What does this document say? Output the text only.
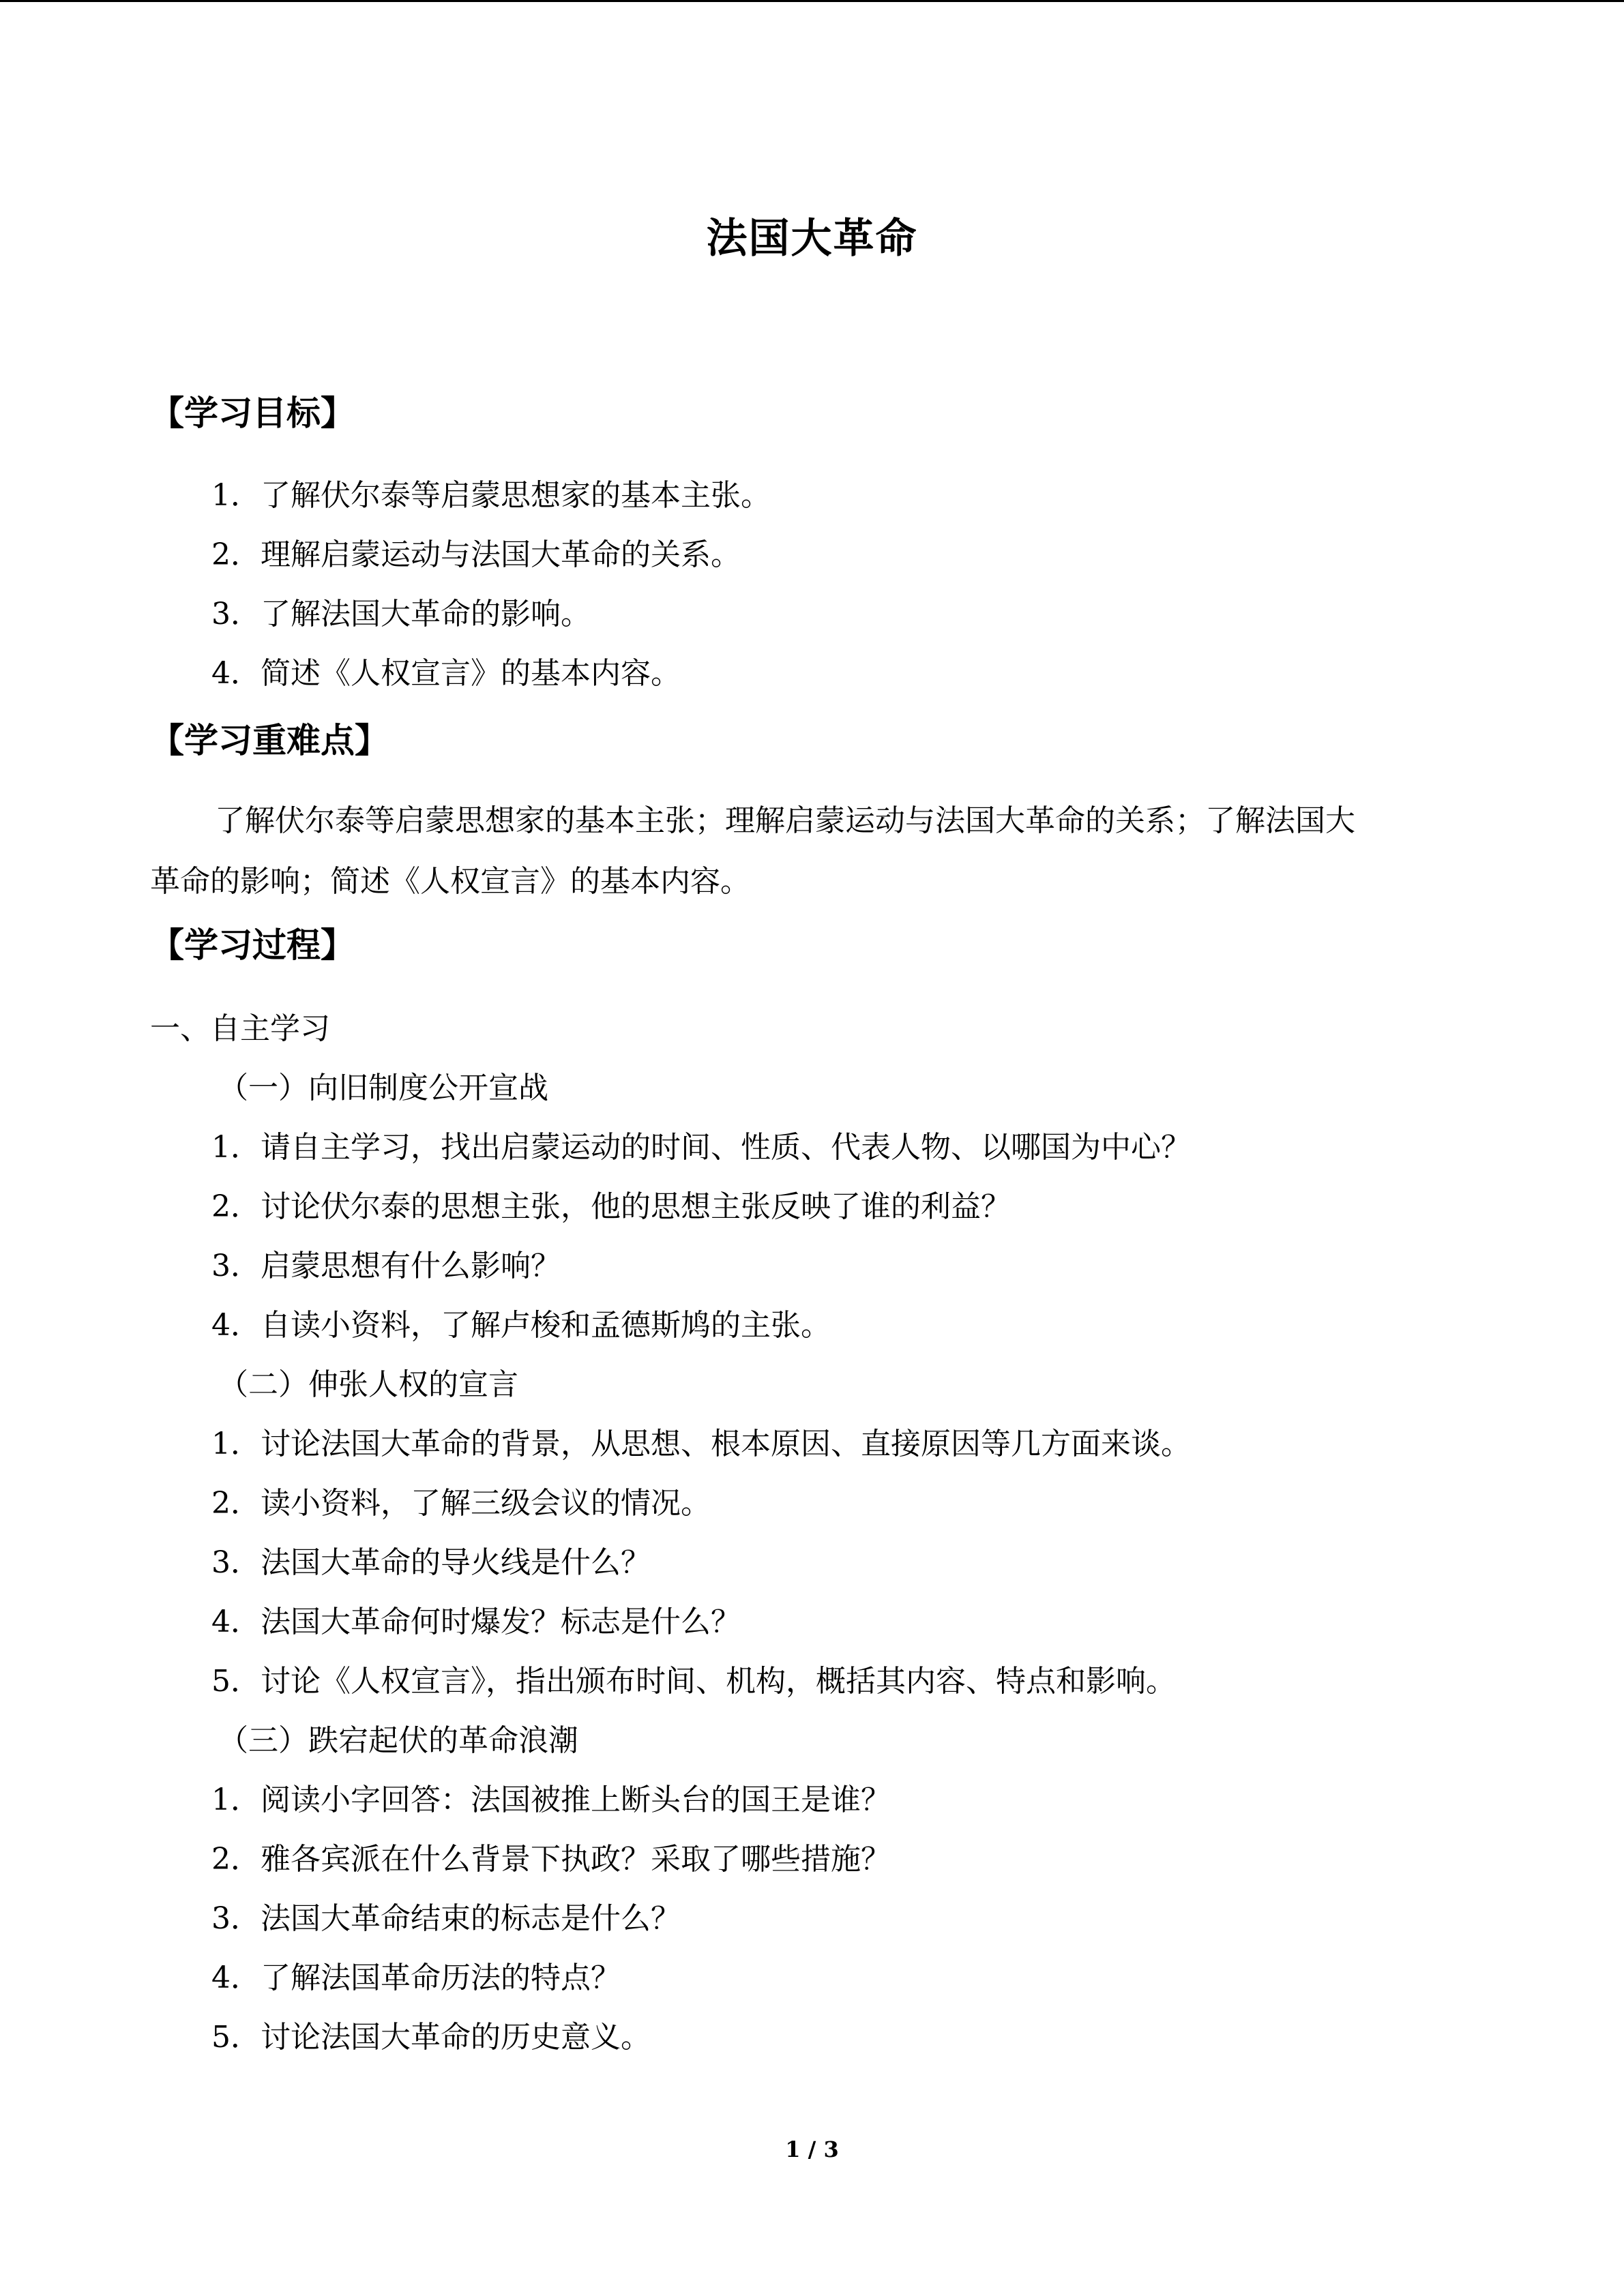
法国大革命
【学习目标】
1．了解伏尔泰等启蒙思想家的基本主张。
2．理解启蒙运动与法国大革命的关系。
3．了解法国大革命的影响。
4．简述《人权宣言》的基本内容。
【学习重难点】
了解伏尔泰等启蒙思想家的基本主张；理解启蒙运动与法国大革命的关系；了解法国大
革命的影响；简述《人权宣言》的基本内容。
【学习过程】
一、自主学习
（一）向旧制度公开宣战
1．请自主学习，找出启蒙运动的时间、性质、代表人物、以哪国为中心？
2．讨论伏尔泰的思想主张，他的思想主张反映了谁的利益？
3．启蒙思想有什么影响？
4．自读小资料，了解卢梭和孟德斯鸠的主张。
（二）伸张人权的宣言
1．讨论法国大革命的背景，从思想、根本原因、直接原因等几方面来谈。
2．读小资料，了解三级会议的情况。
3．法国大革命的导火线是什么？
4．法国大革命何时爆发？标志是什么？
5．讨论《人权宣言》，指出颁布时间、机构，概括其内容、特点和影响。
（三）跌宕起伏的革命浪潮
1．阅读小字回答：法国被推上断头台的国王是谁？
2．雅各宾派在什么背景下执政？采取了哪些措施？
3．法国大革命结束的标志是什么？
4．了解法国革命历法的特点？
5．讨论法国大革命的历史意义。
1 / 3
